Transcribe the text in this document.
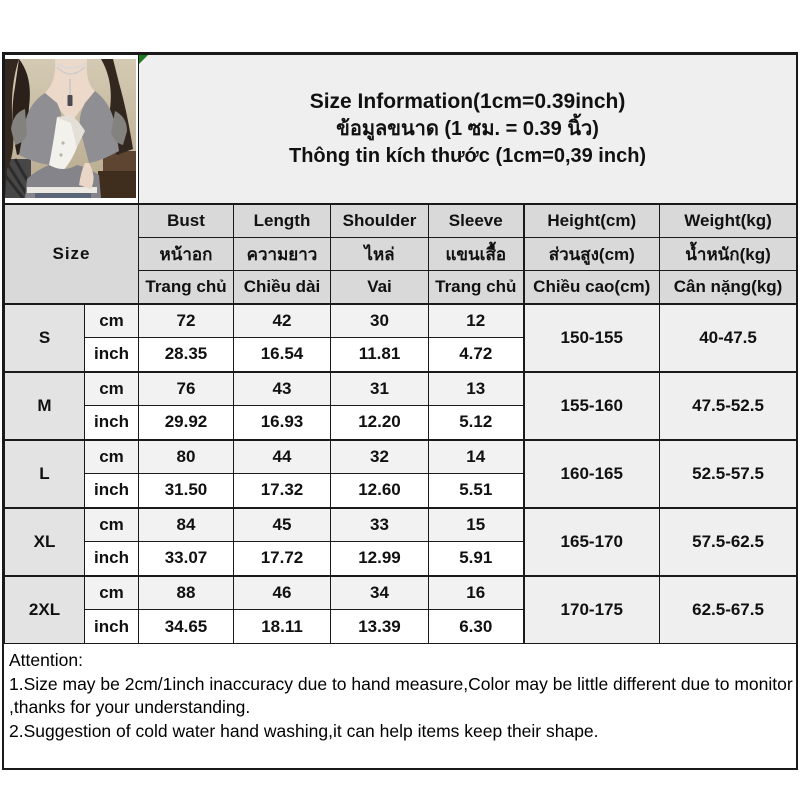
Size Information(1cm=0.39inch)
ข้อมูลขนาด (1 ซม. = 0.39 นิ้ว)
Thông tin kích thước (1cm=0,39 inch)					

Size		Bust	Length	Shoulder	Sleeve	Height(cm)	Weight(kg)
		หน้าอก	ความยาว	ไหล่	แขนเสื้อ	ส่วนสูง(cm)	น้ำหนัก(kg)
		Trang chủ	Chiều dài	Vai	Trang chủ	Chiều cao(cm)	Cân nặng(kg)
S	cm	72	42	30	12	150-155	40-47.5
	inch	28.35	16.54	11.81	4.72		
M	cm	76	43	31	13	155-160	47.5-52.5
	inch	29.92	16.93	12.20	5.12		
L	cm	80	44	32	14	160-165	52.5-57.5
	inch	31.50	17.32	12.60	5.51		
XL	cm	84	45	33	15	165-170	57.5-62.5
	inch	33.07	17.72	12.99	5.91		
2XL	cm	88	46	34	16	170-175	62.5-67.5
	inch	34.65	18.11	13.39	6.30		
Attention:
1.Size may be 2cm/1inch inaccuracy due to hand measure,Color may be little different due to monitor
,thanks for your understanding.
2.Suggestion of cold water hand washing,it can help items keep their shape.
